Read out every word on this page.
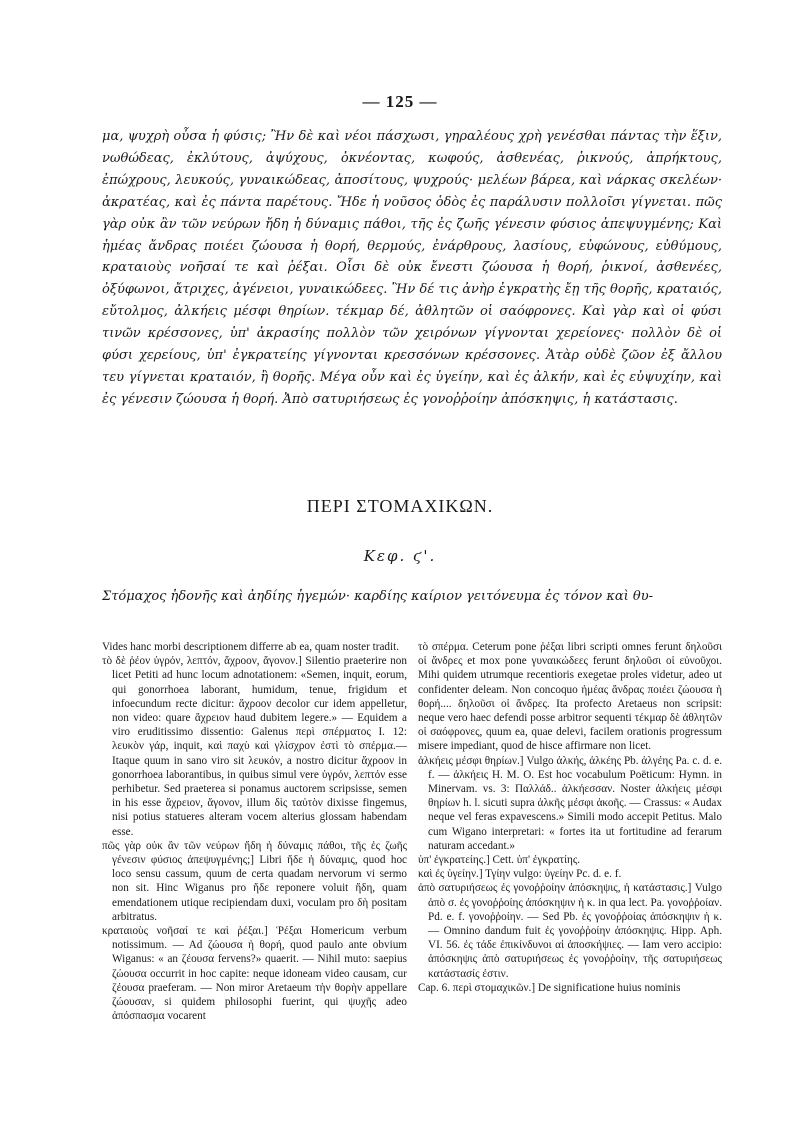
— 125 —

μα, ψυχρὴ οὖσα ἡ φύσις; Ἢν δὲ καὶ νέοι πάσχωσι, γηραλέους χρὴ γενέσθαι πάντας τὴν ἕξιν, νωθώδεας, ἐκλύτους, ἀψύχους, ὀκνέοντας, κωφούς, ἀσθενέας, ῥικνούς, ἀπρήκτους, ἐπώχρους, λευκούς, γυναικώδεας, ἀποσίτους, ψυχρούς· μελέων βάρεα, καὶ νάρκας σκελέων· ἀκρατέας, καὶ ἐς πάντα παρέτους. Ἤδε ἡ νοῦσος ὁδὸς ἐς παράλυσιν πολλοῖσι γίγνεται. πῶς γὰρ οὐκ ἂν τῶν νεύρων ἤδη ἡ δύναμις πάθοι, τῆς ἐς ζωῆς γένεσιν φύσιος ἀπεψυγμένης; Καὶ ἡμέας ἄνδρας ποιέει ζώουσα ἡ θορή, θερμούς, ἐνάρθρους, λασίους, εὐφώνους, εὐθύμους, κραταιοὺς νοῆσαί τε καὶ ῥέξαι. Οἷσι δὲ οὐκ ἔνεστι ζώουσα ἡ θορή, ῥικνοί, ἀσθενέες, ὀξύφωνοι, ἄτριχες, ἀγένειοι, γυναικώδεες. Ἢν δέ τις ἀνὴρ ἐγκρατὴς ἔῃ τῆς θορῆς, κραταιός, εὔτολμος, ἀλκήεις μέσφι θηρίων. τέκμαρ δέ, ἀθλητῶν οἱ σαόφρονες. Καὶ γὰρ καὶ οἱ φύσι τινῶν κρέσσονες, ὑπ' ἀκρασίης πολλὸν τῶν χειρόνων γίγνονται χερείονες· πολλὸν δὲ οἱ φύσι χερείους, ὑπ' ἐγκρατείης γίγνονται κρεσσόνων κρέσσονες. Ἀτὰρ οὐδὲ ζῶον ἐξ ἄλλου τευ γίγνεται κραταιόν, ἢ θορῆς. Μέγα οὖν καὶ ἐς ὑγείην, καὶ ἐς ἀλκήν, καὶ ἐς εὐψυχίην, καὶ ἐς γένεσιν ζώουσα ἡ θορή. Ἀπὸ σατυριήσεως ἐς γονοῤῥοίην ἀπόσκηψις, ἡ κατάστασις.

ΠΕΡΙ ΣΤΟΜΑΧΙΚΩΝ.
Κεφ. ϛ'.
Στόμαχος ἡδονῆς καὶ ἀηδίης ἡγεμών· καρδίης καίριον γειτόνευμα ἐς τόνον καὶ θυ-

Vides hanc morbi descriptionem differre ab ea, quam noster tradit.

τὸ δὲ ῥέον ὑγρόν, λεπτόν, ἄχροον, ἄγονον.] Silentio praeterire non licet Petiti ad hunc locum adnotationem: «Semen, inquit, eorum, qui gonorrhoea laborant, humidum, tenue, frigidum et infoecundum recte dicitur: ἄχροον decolor cur idem appelletur, non video: quare ἄχρειον haud dubitem legere.» — Equidem a viro eruditissimo dissentio: Galenus περὶ σπέρματος I. 12: λευκὸν γάρ, inquit, καὶ παχὺ καὶ γλίσχρον ἐστὶ τὸ σπέρμα.— Itaque quum in sano viro sit λευκόν, a nostro dicitur ἄχροον in gonorrhoea laborantibus, in quibus simul vere ὑγρόν, λεπτόν esse perhibetur. Sed praeterea si ponamus auctorem scripsisse, semen in his esse ἄχρειον, ἄγονον, illum δὶς ταὐτὸν dixisse fingemus, nisi potius statueres alteram vocem alterius glossam habendam esse.

πῶς γὰρ οὐκ ἂν τῶν νεύρων ἤδη ἡ δύναμις πάθοι, τῆς ἐς ζωῆς γένεσιν φύσιος ἀπεψυγμένης;] Libri ἤδε ἡ δύναμις, quod hoc loco sensu cassum, quum de certa quadam nervorum vi sermo non sit. Hinc Wiganus pro ἤδε reponere voluit ἤδη, quam emendationem utique recipiendam duxi, voculam pro δὴ positam arbitratus.

κραταιοὺς νοῆσαί τε καὶ ῥέξαι.] Ῥέξαι Homericum verbum notissimum. — Ad ζώουσα ἡ θορή, quod paulo ante obvium Wiganus: « an ζέουσα fervens?» quaerit. — Nihil muto: saepius ζώουσα occurrit in hoc capite: neque idoneam video causam, cur ζέουσα praeferam. — Non miror Aretaeum τὴν θορὴν appellare ζώουσαν, si quidem philosophi fuerint, qui ψυχῆς adeo ἀπόσπασμα vocarent

τὸ σπέρμα. Ceterum pone ῥέξαι libri scripti omnes ferunt δηλοῦσι οἱ ἄνδρες et mox pone γυναικώδεες ferunt δηλοῦσι οἱ εὐνοῦχοι. Mihi quidem utrumque recentioris exegetae proles videtur, adeo ut confidenter deleam. Non concoquo ἡμέας ἄνδρας ποιέει ζώουσα ἡ θορή.... δηλοῦσι οἱ ἄνδρες. Ita profecto Aretaeus non scripsit: neque vero haec defendi posse arbitror sequenti τέκμαρ δὲ ἀθλητῶν οἱ σαόφρονες, quum ea, quae delevi, facilem orationis progressum misere impediant, quod de hisce affirmare non licet.

ἀλκήεις μέσφι θηρίων.] Vulgo ἀλκής, ἀλκέης Pb. ἀλγέης Pa. c. d. e. f. — ἀλκήεις H. M. O. Est hoc vocabulum Poëticum: Hymn. in Minervam. vs. 3: Παλλάδ.. ἀλκήεσσαν. Noster ἀλκήεις μέσφι θηρίων h. l. sicuti supra ἀλκῆς μέσφι ἀκοῆς. — Crassus: « Audax neque vel feras expavescens.» Simili modo accepit Petitus. Malo cum Wigano interpretari: « fortes ita ut fortitudine ad ferarum naturam accedant.»

ὑπ' ἐγκρατείης.] Cett. ὑπ' ἐγκρατίης.

καὶ ἐς ὑγείην.] Τγίην vulgo: ὑγείην Pc. d. e. f.

ἀπὸ σατυριήσεως ἐς γονοῤῥοίην ἀπόσκηψις, ἡ κατάστασις.] Vulgo ἀπὸ σ. ἐς γονοῤῥοίης ἀπόσκηψιν ἡ κ. in qua lect. Pa. γονοῤῥοίαν. Pd. e. f. γονοῤῥοίην. — Sed Pb. ἐς γονοῤῥοίας ἀπόσκηψιν ἡ κ. — Omnino dandum fuit ἐς γονοῤῥοίην ἀπόσκηψις. Hipp. Aph. VI. 56. ἐς τάδε ἐπικίνδυνοι αἱ ἀποσκήψιες. — Iam vero accipio: ἀπόσκηψις ἀπὸ σατυριήσεως ἐς γονοῤῥοίην, τῆς σατυριήσεως κατάστασίς ἐστιν.

Cap. 6. περὶ στομαχικῶν.] De significatione huius nominis
